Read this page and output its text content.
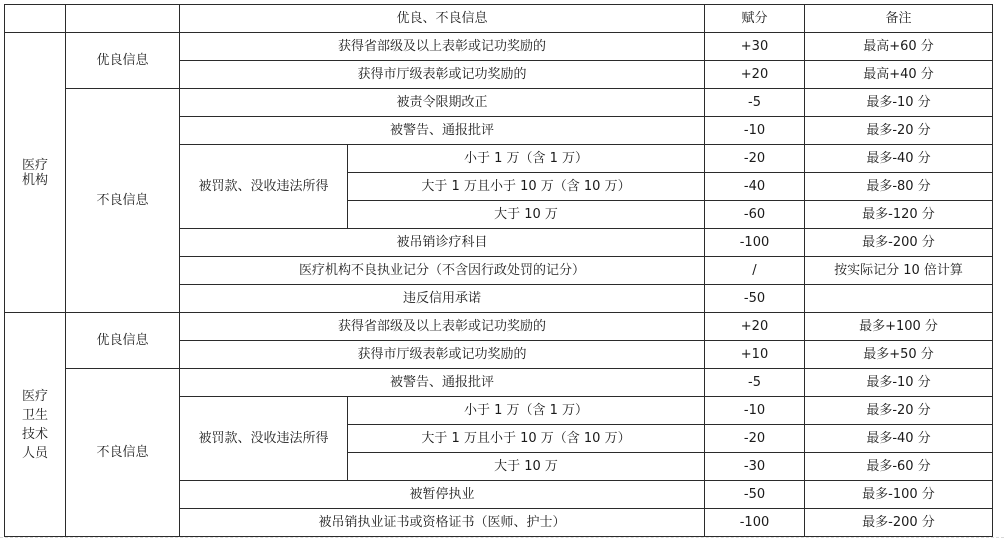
		优良、不良信息		赋分	备注

医疗
机构	优良信息	获得省部级及以上表彰或记功奖励的		+30	最高+60 分
		获得市厅级表彰或记功奖励的		+20	最高+40 分
	不良信息	被责令限期改正		-5	最多-10 分
		被警告、通报批评		-10	最多-20 分
		被罚款、没收违法所得	小于 1 万（含 1 万）	-20	最多-40 分
			大于 1 万且小于 10 万（含 10 万）	-40	最多-80 分
			大于 10 万	-60	最多-120 分
		被吊销诊疗科目		-100	最多-200 分
		医疗机构不良执业记分（不含因行政处罚的记分）		/	按实际记分 10 倍计算
		违反信用承诺		-50	

医疗
卫生
技术
人员	优良信息	获得省部级及以上表彰或记功奖励的		+20	最多+100 分
		获得市厅级表彰或记功奖励的		+10	最多+50 分
	不良信息	被警告、通报批评		-5	最多-10 分
		被罚款、没收违法所得	小于 1 万（含 1 万）	-10	最多-20 分
			大于 1 万且小于 10 万（含 10 万）	-20	最多-40 分
			大于 10 万	-30	最多-60 分
		被暂停执业		-50	最多-100 分
		被吊销执业证书或资格证书（医师、护士）		-100	最多-200 分
